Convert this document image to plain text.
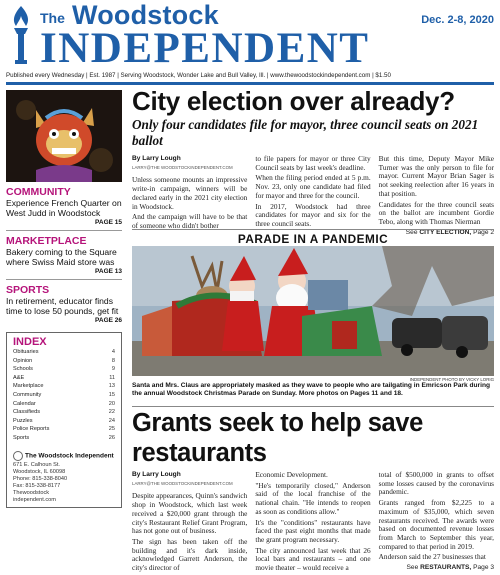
The Woodstock
INDEPENDENT
Dec. 2-8, 2020
Published every Wednesday | Est. 1987 | Serving Woodstock, Wonder Lake and Bull Valley, Ill. | www.thewoodstockindependent.com | $1.50
COMMUNITY
Experience French Quarter on West Judd in Woodstock
PAGE 15
MARKETPLACE
Bakery coming to the Square where Swiss Maid store was
PAGE 13
SPORTS
In retirement, educator finds time to lose 50 pounds, get fit
PAGE 26
INDEX
Obituaries	4
Opinion	8
Schools	9
A&E	11
Marketplace	13
Community	15
Calendar	20
Classifieds	22
Puzzles	24
Police Reports	25
Sports	26
The Woodstock Independent
671 E. Calhoun St.
Woodstock, IL 60098
Phone: 815-338-8040
Fax: 815-338-8177
Thewoodstock
independent.com
City election over already?
Only four candidates file for mayor, three council seats on 2021 ballot
By Larry Lough
LARRY@THE WOODSTOCKINDEPENDENT.COM

Unless someone mounts an impressive write-in campaign, winners will be declared early in the 2021 city election in Woodstock.

And the campaign will have to be that of someone who didn't bother

to file papers for mayor or three City Council seats by last week's deadline.

When the filing period ended at 5 p.m. Nov. 23, only one candidate had filed for mayor and three for the council.

In 2017, Woodstock had three candidates for mayor and six for the three council seats.

But this time, Deputy Mayor Mike Turner was the only person to file for mayor. Current Mayor Brian Sager is not seeking reelection after 16 years in that position.

Candidates for the three council seats on the ballot are incumbent Gordie Tebo, along with Thomas Nierman

See CITY ELECTION, Page 2
PARADE IN A PANDEMIC
INDEPENDENT PHOTO BY VICKY LORIG
Santa and Mrs. Claus are appropriately masked as they wave to people who are tailgating in Emricson Park during the annual Woodstock Christmas Parade on Sunday. More photos on Pages 11 and 18.
Grants seek to help save restaurants
By Larry Lough
LARRY@THE WOODSTOCKINDEPENDENT.COM

Despite appearances, Quinn's sandwich shop in Woodstock, which last week received a $20,000 grant through the city's Restaurant Relief Grant Program, has not gone out of business.

The sign has been taken off the building and it's dark inside, acknowledged Garrett Anderson, the city's director of

Economic Development.

"He's temporarily closed," Anderson said of the local franchise of the national chain. "He intends to reopen as soon as conditions allow."

It's the "conditions" restaurants have faced the past eight months that made the grant program necessary.

The city announced last week that 26 local bars and restaurants – and one movie theater – would receive a

total of $500,000 in grants to offset some losses caused by the coronavirus pandemic.

Grants ranged from $2,225 to a maximum of $35,000, which seven restaurants received. The awards were based on documented revenue losses from March to September this year, compared to that period in 2019.

Anderson said the 27 businesses that

See RESTAURANTS, Page 3
